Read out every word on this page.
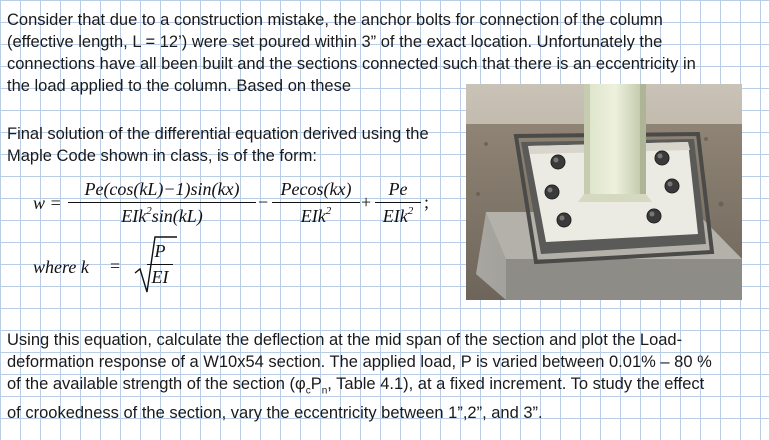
Consider that due to a construction mistake, the anchor bolts for connection of the column
(effective length, L = 12’) were set poured within 3” of the exact location. Unfortunately the
connections have all been built and the sections connected such that there is an eccentricity in
the load applied to the column. Based on these
Final solution of the differential equation derived using the
Maple Code shown in class, is of the form:
w =
Pe(cos(kL)−1)sin(kx)
EIk$^2$sin(kL)
−
Pecos(kx)
EIk$^2$	+
Pe
EIk$^2$ ;
where k =
P
EI
Using this equation, calculate the deflection at the mid span of the section and plot the Load-
deformation response of a W10x54 section. The applied load, P is varied between 0.01% – 80 %
of the available strength of the section ($\varphi_cP_n$, Table 4.1), at a fixed increment. To study the effect
of crookedness of the section, vary the eccentricity between 1”,2”, and 3”.
